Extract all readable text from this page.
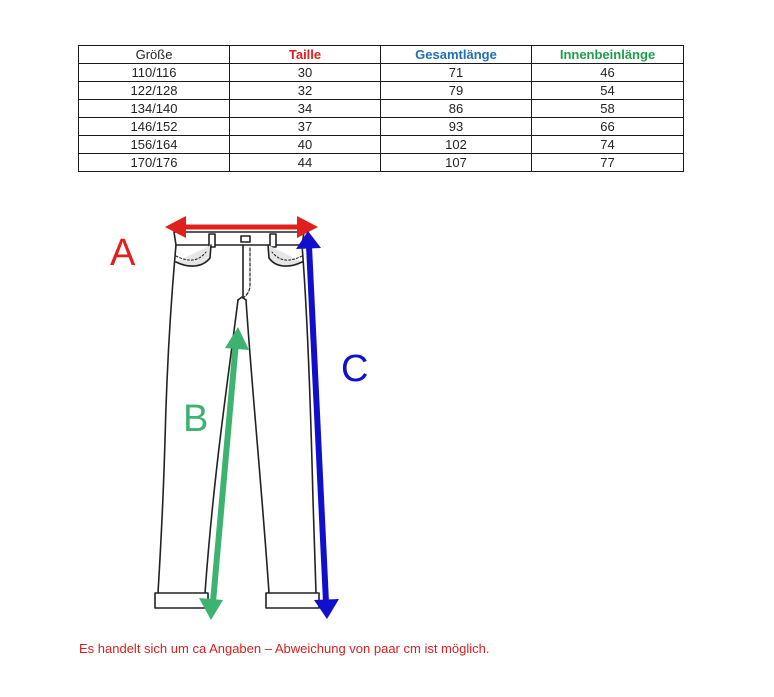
Größe	Taille	Gesamtlänge	Innenbeinlänge
110/116	30	71	46
122/128	32	79	54
134/140	34	86	58
146/152	37	93	66
156/164	40	102	74
170/176	44	107	77
A
B
C
Es handelt sich um ca Angaben – Abweichung von paar cm ist möglich.
